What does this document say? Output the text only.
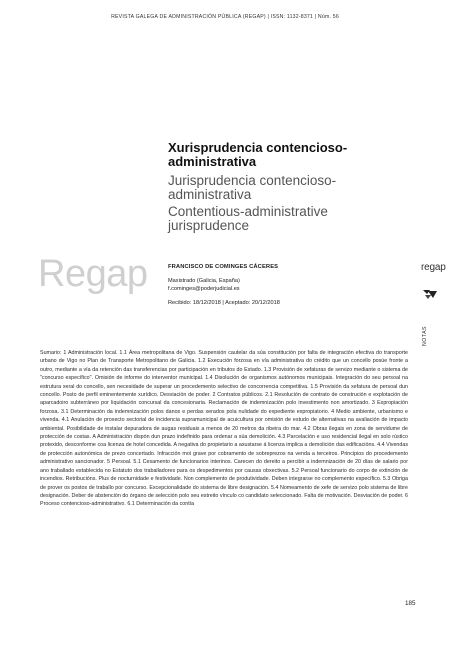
REVISTA GALEGA DE ADMINISTRACIÓN PÚBLICA (REGAP) | ISSN: 1132-8371 | Núm. 56
Xurisprudencia contencioso-administrativa
Jurisprudencia contencioso-administrativa
Contentious-administrative jurisprudence
Regap	FRANCISCO DE COMINGES CÁCERES
Maxistrado (Galicia, España)
f.cominges@poderjudicial.es
Recibido: 18/12/2018 | Aceptado: 20/12/2018
regap
NOTAS
Sumario: 1 Administración local. 1.1 Área metropolitana de Vigo. Suspensión cautelar da súa constitución por falta de integración efectiva do transporte urbano de Vigo no Plan de Transporte Metropolitano de Galicia. 1.2 Execución forzosa en vía administrativa do crédito que un concello posúe fronte a outro, mediante a vía da retención das transferencias por participación en tributos do Estado. 1.3 Provisión de xefaturas de servizo mediante o sistema de "concurso específico". Omisión de informe do interventor municipal. 1.4 Disolución de organismos autónomos municipais. Integración do seu persoal na estrutura xeral do concello, sen necesidade de superar un procedemento selectivo de concorrencia competitiva. 1.5 Provisión da xefatura de persoal dun concello. Posto de perfil eminentemente xurídico. Desviación de poder. 2 Contratos públicos. 2.1 Resolución de contrato de construción e explotación de aparcadoiro subterráneo por liquidación concursal da concesionaria. Reclamación de indemnización polo investimento non amortizado. 3 Expropiación forzosa. 3.1 Determinación da indemnización polos danos e perdas xerados pola nulidade do expediente expropiatorio. 4 Medio ambiente, urbanismo e vivenda. 4.1 Anulación de proxecto sectorial de incidencia supramunicipal de acuicultura por omisión de estudo de alternativas na avaliación de impacto ambiental. Posibilidade de instalar depuradora de augas residuais a menos de 20 metros da ribeira do mar. 4.2 Obras ilegais en zona de servidume de protección de costas. A Administración dispón dun prazo indefinido para ordenar a súa demolición. 4.3 Parcelación e uso residencial ilegal en solo rústico protexido, desconforme coa licenza de hotel concedida. A negativa do propietario a axustarse á licenza implica a demolición das edificacións. 4.4 Vivendas de protección autonómica de prezo concertado. Infracción moi grave por cobramento de sobreprezos na venda a terceiros. Principios do procedemento administrativo sancionador. 5 Persoal. 5.1 Cesamento de funcionarios interinos. Carecen do dereito a percibir a indemnización de 20 días de salario por ano traballado establecida no Estatuto dos traballadores para os despedimentos por causas obxectivas. 5.2 Persoal funcionario do corpo de extinción de incendios. Retribucións. Plus de nocturnidade e festividade. Non complemento de produtividade. Deben integrarse no complemento específico. 5.3 Obriga de prover os postos de traballo por concurso. Excepcionalidade do sistema de libre designación. 5.4 Nomeamento de xefe de servizo polo sistema de libre designación. Deber de abstención do órgano de selección polo seu estreito vínculo co candidato seleccionado. Falta de motivación. Desviación de poder. 6 Proceso contencioso-administrativo. 6.1 Determinación da contía
185
